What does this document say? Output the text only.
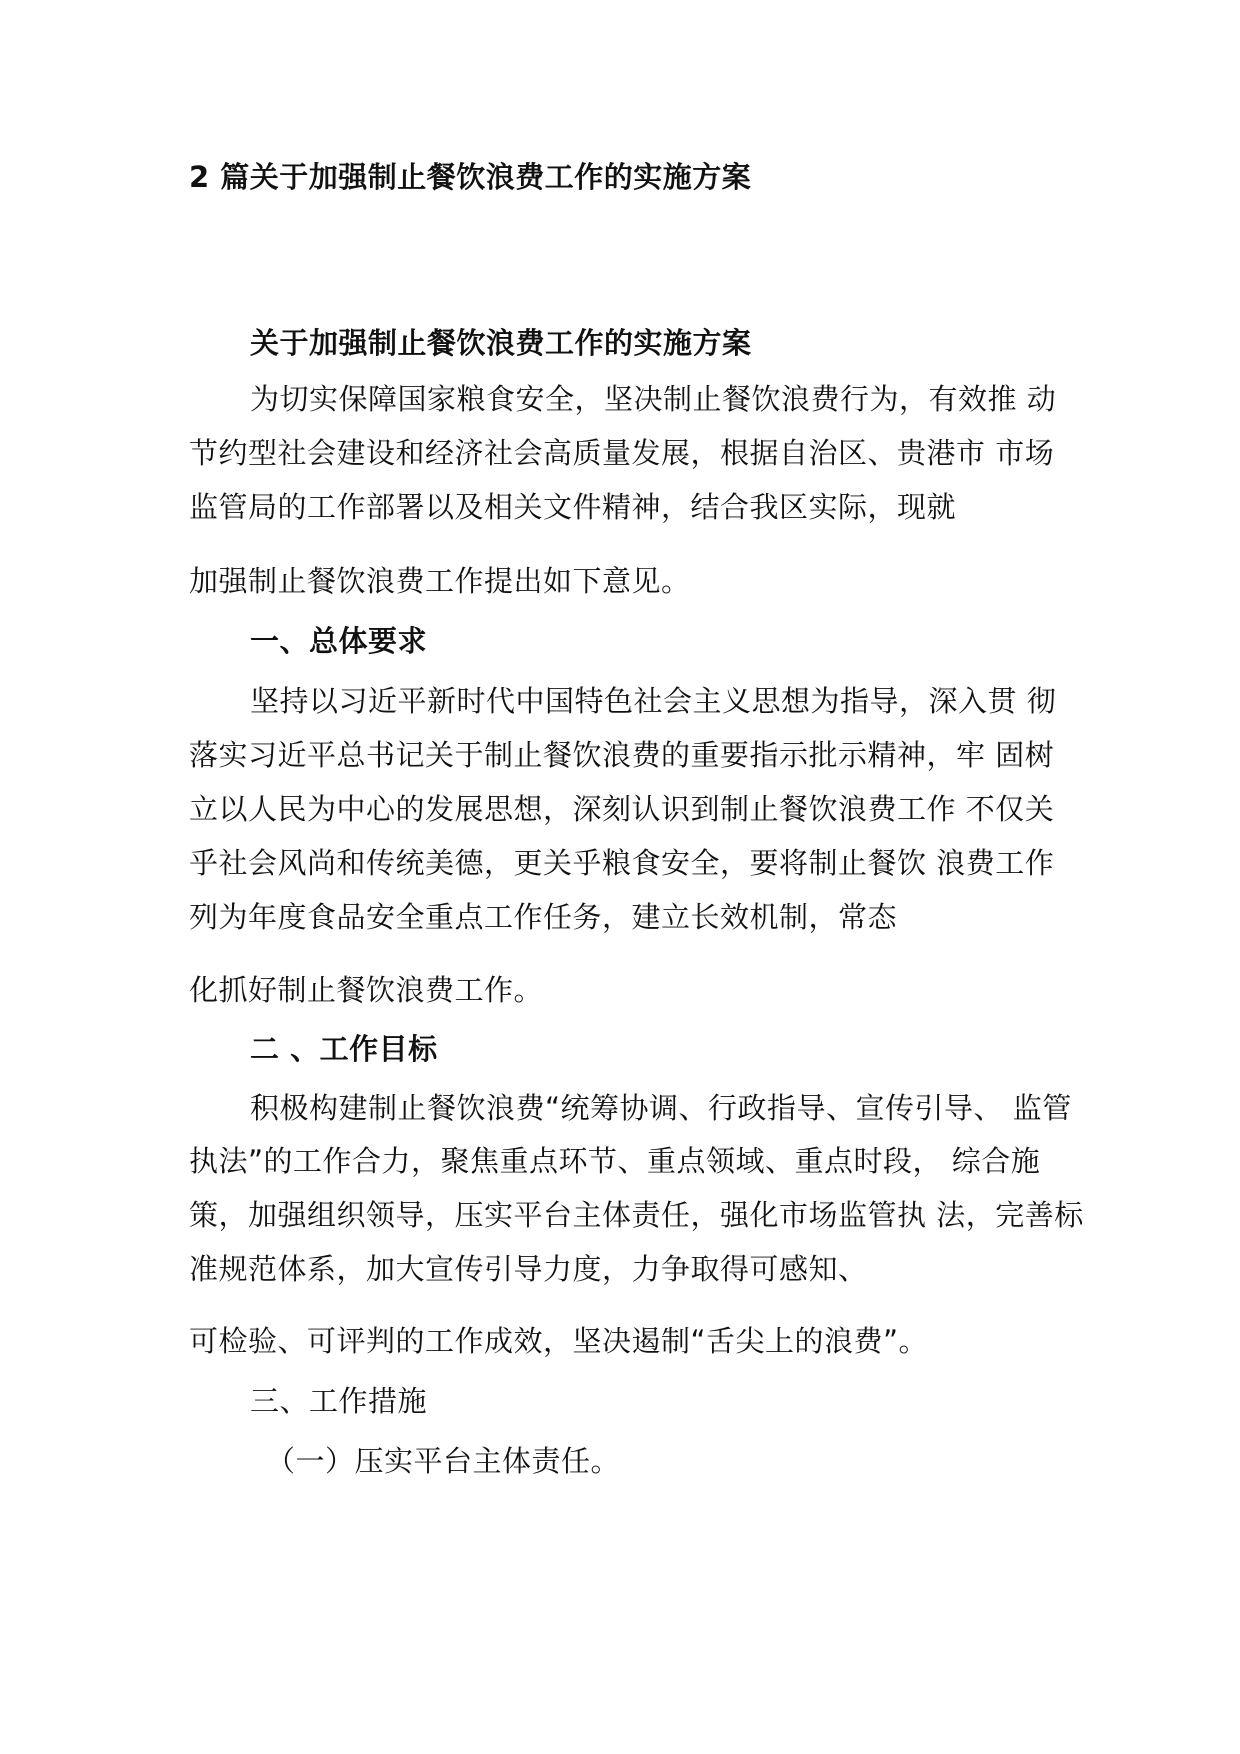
2 篇关于加强制止餐饮浪费工作的实施方案
关于加强制止餐饮浪费工作的实施方案
为切实保障国家粮食安全，坚决制止餐饮浪费行为，有效推 动
节约型社会建设和经济社会高质量发展，根据自治区、贵港市 市场
监管局的工作部署以及相关文件精神，结合我区实际，现就
加强制止餐饮浪费工作提出如下意见。
一、总体要求
坚持以习近平新时代中国特色社会主义思想为指导，深入贯 彻
落实习近平总书记关于制止餐饮浪费的重要指示批示精神，牢 固树
立以人民为中心的发展思想，深刻认识到制止餐饮浪费工作 不仅关
乎社会风尚和传统美德，更关乎粮食安全，要将制止餐饮 浪费工作
列为年度食品安全重点工作任务，建立长效机制，常态
化抓好制止餐饮浪费工作。
二 、工作目标
积极构建制止餐饮浪费“统筹协调、行政指导、宣传引导、 监管
执法”的工作合力，聚焦重点环节、重点领域、重点时段， 综合施
策，加强组织领导，压实平台主体责任，强化市场监管执 法，完善标
准规范体系，加大宣传引导力度，力争取得可感知、
可检验、可评判的工作成效，坚决遏制“舌尖上的浪费”。
三、工作措施
（一）压实平台主体责任。
